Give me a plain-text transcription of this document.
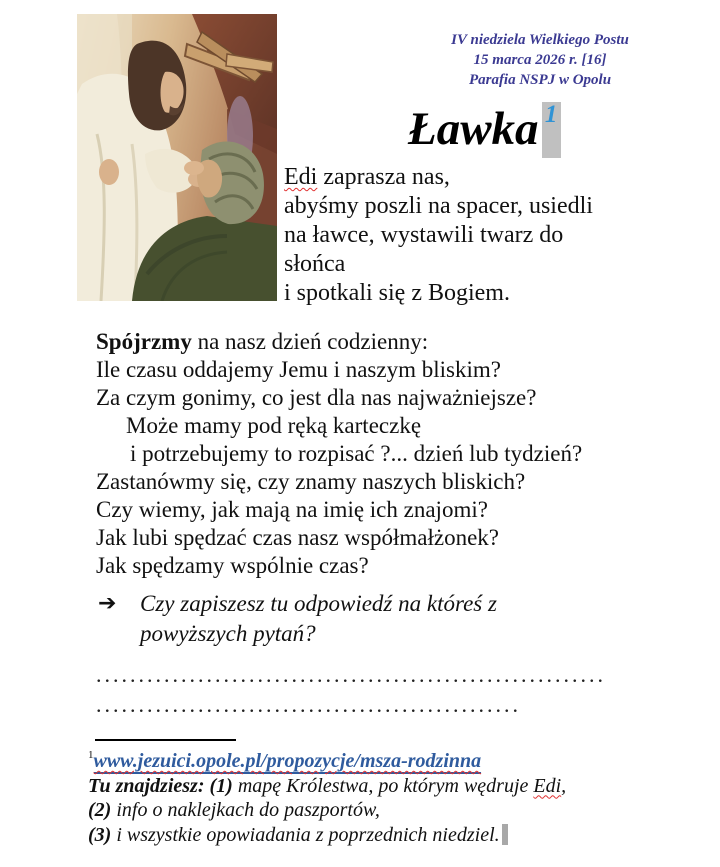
IV niedziela Wielkiego Postu
15 marca 2026 r. [16]
Parafia NSPJ w Opolu
Ławka 1
Edi zaprasza nas,
abyśmy poszli na spacer, usiedli
na ławce, wystawili twarz do
słońca
i spotkali się z Bogiem.
Spójrzmy na nasz dzień codzienny:
Ile czasu oddajemy Jemu i naszym bliskim?
Za czym gonimy, co jest dla nas najważniejsze?
Może mamy pod ręką karteczkę
i potrzebujemy to rozpisać ?... dzień lub tydzień?
Zastanówmy się, czy znamy naszych bliskich?
Czy wiemy, jak mają na imię ich znajomi?
Jak lubi spędzać czas nasz współmałżonek?
Jak spędzamy wspólnie czas?
➔	Czy zapiszesz tu odpowiedź na któreś z
powyższych pytań?
............................................................
..................................................
$^1$www.jezuici.opole.pl/propozycje/msza-rodzinna
Tu znajdziesz: (1) mapę Królestwa, po którym wędruje Edi,
(2) info o naklejkach do paszportów,
(3) i wszystkie opowiadania z poprzednich niedziel.
